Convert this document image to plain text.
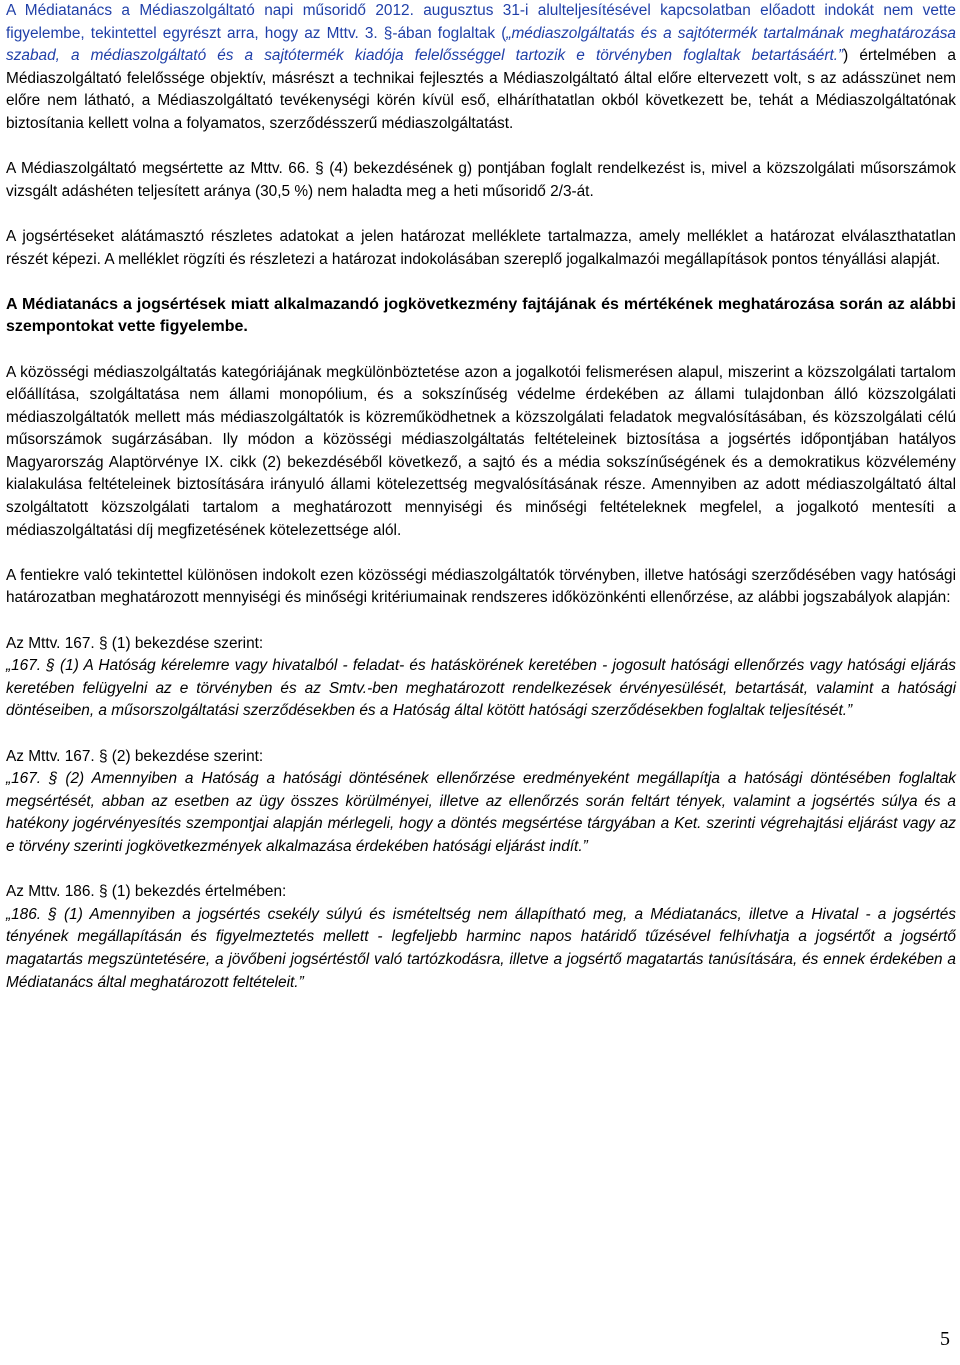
A Médiatanács a Médiaszolgáltató napi műsoridő 2012. augusztus 31-i alulteljesítésével kapcsolatban előadott indokát nem vette figyelembe, tekintettel egyrészt arra, hogy az Mttv. 3. §-ában foglaltak („médiaszolgáltatás és a sajtótermék tartalmának meghatározása szabad, a médiaszolgáltató és a sajtótermék kiadója felelősséggel tartozik e törvényben foglaltak betartásáért.”) értelmében a Médiaszolgáltató felelőssége objektív, másrészt a technikai fejlesztés a Médiaszolgáltató által előre eltervezett volt, s az adásszünet nem előre nem látható, a Médiaszolgáltató tevékenységi körén kívül eső, elháríthatatlan okból következett be, tehát a Médiaszolgáltatónak biztosítania kellett volna a folyamatos, szerződésszerű médiaszolgáltatást.

A Médiaszolgáltató megsértette az Mttv. 66. § (4) bekezdésének g) pontjában foglalt rendelkezést is, mivel a közszolgálati műsorszámok vizsgált adáshéten teljesített aránya (30,5 %) nem haladta meg a heti műsoridő 2/3-át.

A jogsértéseket alátámasztó részletes adatokat a jelen határozat melléklete tartalmazza, amely melléklet a határozat elválaszthatatlan részét képezi. A melléklet rögzíti és részletezi a határozat indokolásában szereplő jogalkalmazói megállapítások pontos tényállási alapját.

A Médiatanács a jogsértések miatt alkalmazandó jogkövetkezmény fajtájának és mértékének meghatározása során az alábbi szempontokat vette figyelembe.

A közösségi médiaszolgáltatás kategóriájának megkülönböztetése azon a jogalkotói felismerésen alapul, miszerint a közszolgálati tartalom előállítása, szolgáltatása nem állami monopólium, és a sokszínűség védelme érdekében az állami tulajdonban álló közszolgálati médiaszolgáltatók mellett más médiaszolgáltatók is közreműködhetnek a közszolgálati feladatok megvalósításában, és közszolgálati célú műsorszámok sugárzásában. Ily módon a közösségi médiaszolgáltatás feltételeinek biztosítása a jogsértés időpontjában hatályos Magyarország Alaptörvénye IX. cikk (2) bekezdéséből következő, a sajtó és a média sokszínűségének és a demokratikus közvélemény kialakulása feltételeinek biztosítására irányuló állami kötelezettség megvalósításának része. Amennyiben az adott médiaszolgáltató által szolgáltatott közszolgálati tartalom a meghatározott mennyiségi és minőségi feltételeknek megfelel, a jogalkotó mentesíti a médiaszolgáltatási díj megfizetésének kötelezettsége alól.

A fentiekre való tekintettel különösen indokolt ezen közösségi médiaszolgáltatók törvényben, illetve hatósági szerződésében vagy hatósági határozatban meghatározott mennyiségi és minőségi kritériumainak rendszeres időközönkénti ellenőrzése, az alábbi jogszabályok alapján:

Az Mttv. 167. § (1) bekezdése szerint:

„167. § (1) A Hatóság kérelemre vagy hivatalból - feladat- és hatáskörének keretében - jogosult hatósági ellenőrzés vagy hatósági eljárás keretében felügyelni az e törvényben és az Smtv.-ben meghatározott rendelkezések érvényesülését, betartását, valamint a hatósági döntéseiben, a műsorszolgáltatási szerződésekben és a Hatóság által kötött hatósági szerződésekben foglaltak teljesítését.”

Az Mttv. 167. § (2) bekezdése szerint:

„167. § (2) Amennyiben a Hatóság a hatósági döntésének ellenőrzése eredményeként megállapítja a hatósági döntésében foglaltak megsértését, abban az esetben az ügy összes körülményei, illetve az ellenőrzés során feltárt tények, valamint a jogsértés súlya és a hatékony jogérvényesítés szempontjai alapján mérlegeli, hogy a döntés megsértése tárgyában a Ket. szerinti végrehajtási eljárást vagy az e törvény szerinti jogkövetkezmények alkalmazása érdekében hatósági eljárást indít.”

Az Mttv. 186. § (1) bekezdés értelmében:

„186. § (1) Amennyiben a jogsértés csekély súlyú és ismételtség nem állapítható meg, a Médiatanács, illetve a Hivatal - a jogsértés tényének megállapításán és figyelmeztetés mellett - legfeljebb harminc napos határidő tűzésével felhívhatja a jogsértőt a jogsértő magatartás megszüntetésére, a jövőbeni jogsértéstől való tartózkodásra, illetve a jogsértő magatartás tanúsítására, és ennek érdekében a Médiatanács által meghatározott feltételeit.”

5
